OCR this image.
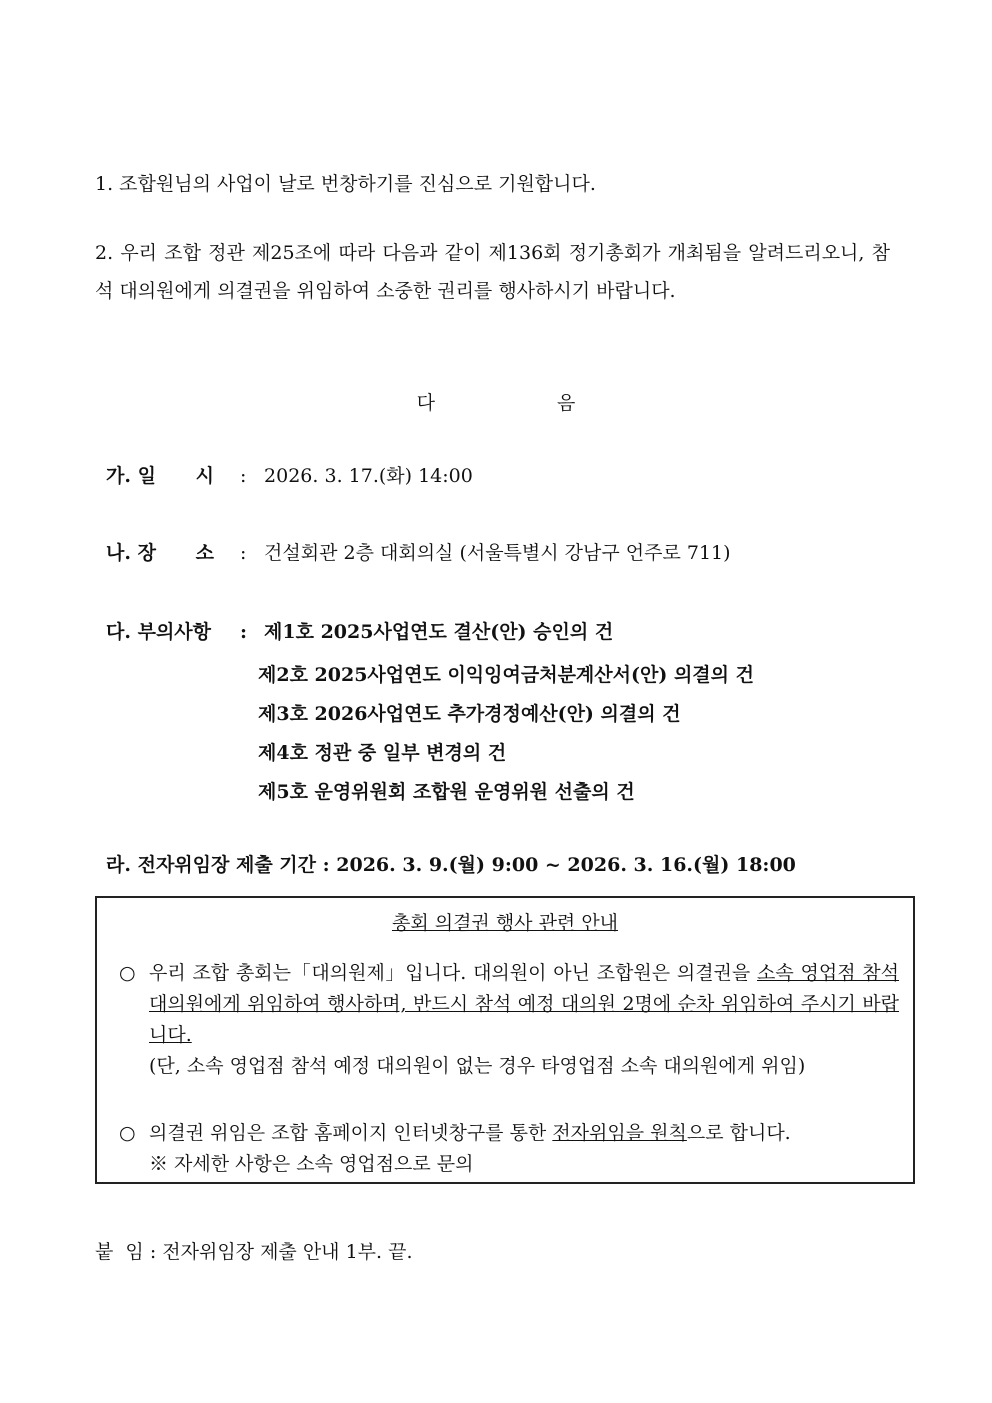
1. 조합원님의 사업이 날로 번창하기를 진심으로 기원합니다.

2. 우리 조합 정관 제25조에 따라 다음과 같이 제136회 정기총회가 개최됨을 알려드리오니, 참석 대의원에게 의결권을 위임하여 소중한 권리를 행사하시기 바랍니다.

다	음
가. 일      시 : 2026. 3. 17.(화) 14:00
나. 장      소 : 건설회관 2층 대회의실 (서울특별시 강남구 언주로 711)
다. 부의사항 : 제1호 2025사업연도 결산(안) 승인의 건
제2호 2025사업연도 이익잉여금처분계산서(안) 의결의 건
제3호 2026사업연도 추가경정예산(안) 의결의 건
제4호 정관 중 일부 변경의 건
제5호 운영위원회 조합원 운영위원 선출의 건
라. 전자위임장 제출 기간 : 2026. 3. 9.(월) 9:00 ~ 2026. 3. 16.(월) 18:00
총회 의결권 행사 관련 안내
○ 우리 조합 총회는「대의원제」입니다. 대의원이 아닌 조합원은 의결권을 소속 영업점 참석 대의원에게 위임하여 행사하며, 반드시 참석 예정 대의원 2명에 순차 위임하여 주시기 바랍니다.
(단, 소속 영업점 참석 예정 대의원이 없는 경우 타영업점 소속 대의원에게 위임)
○ 의결권 위임은 조합 홈페이지 인터넷창구를 통한 전자위임을 원칙으로 합니다.
※ 자세한 사항은 소속 영업점으로 문의
붙  임 : 전자위임장 제출 안내 1부. 끝.
